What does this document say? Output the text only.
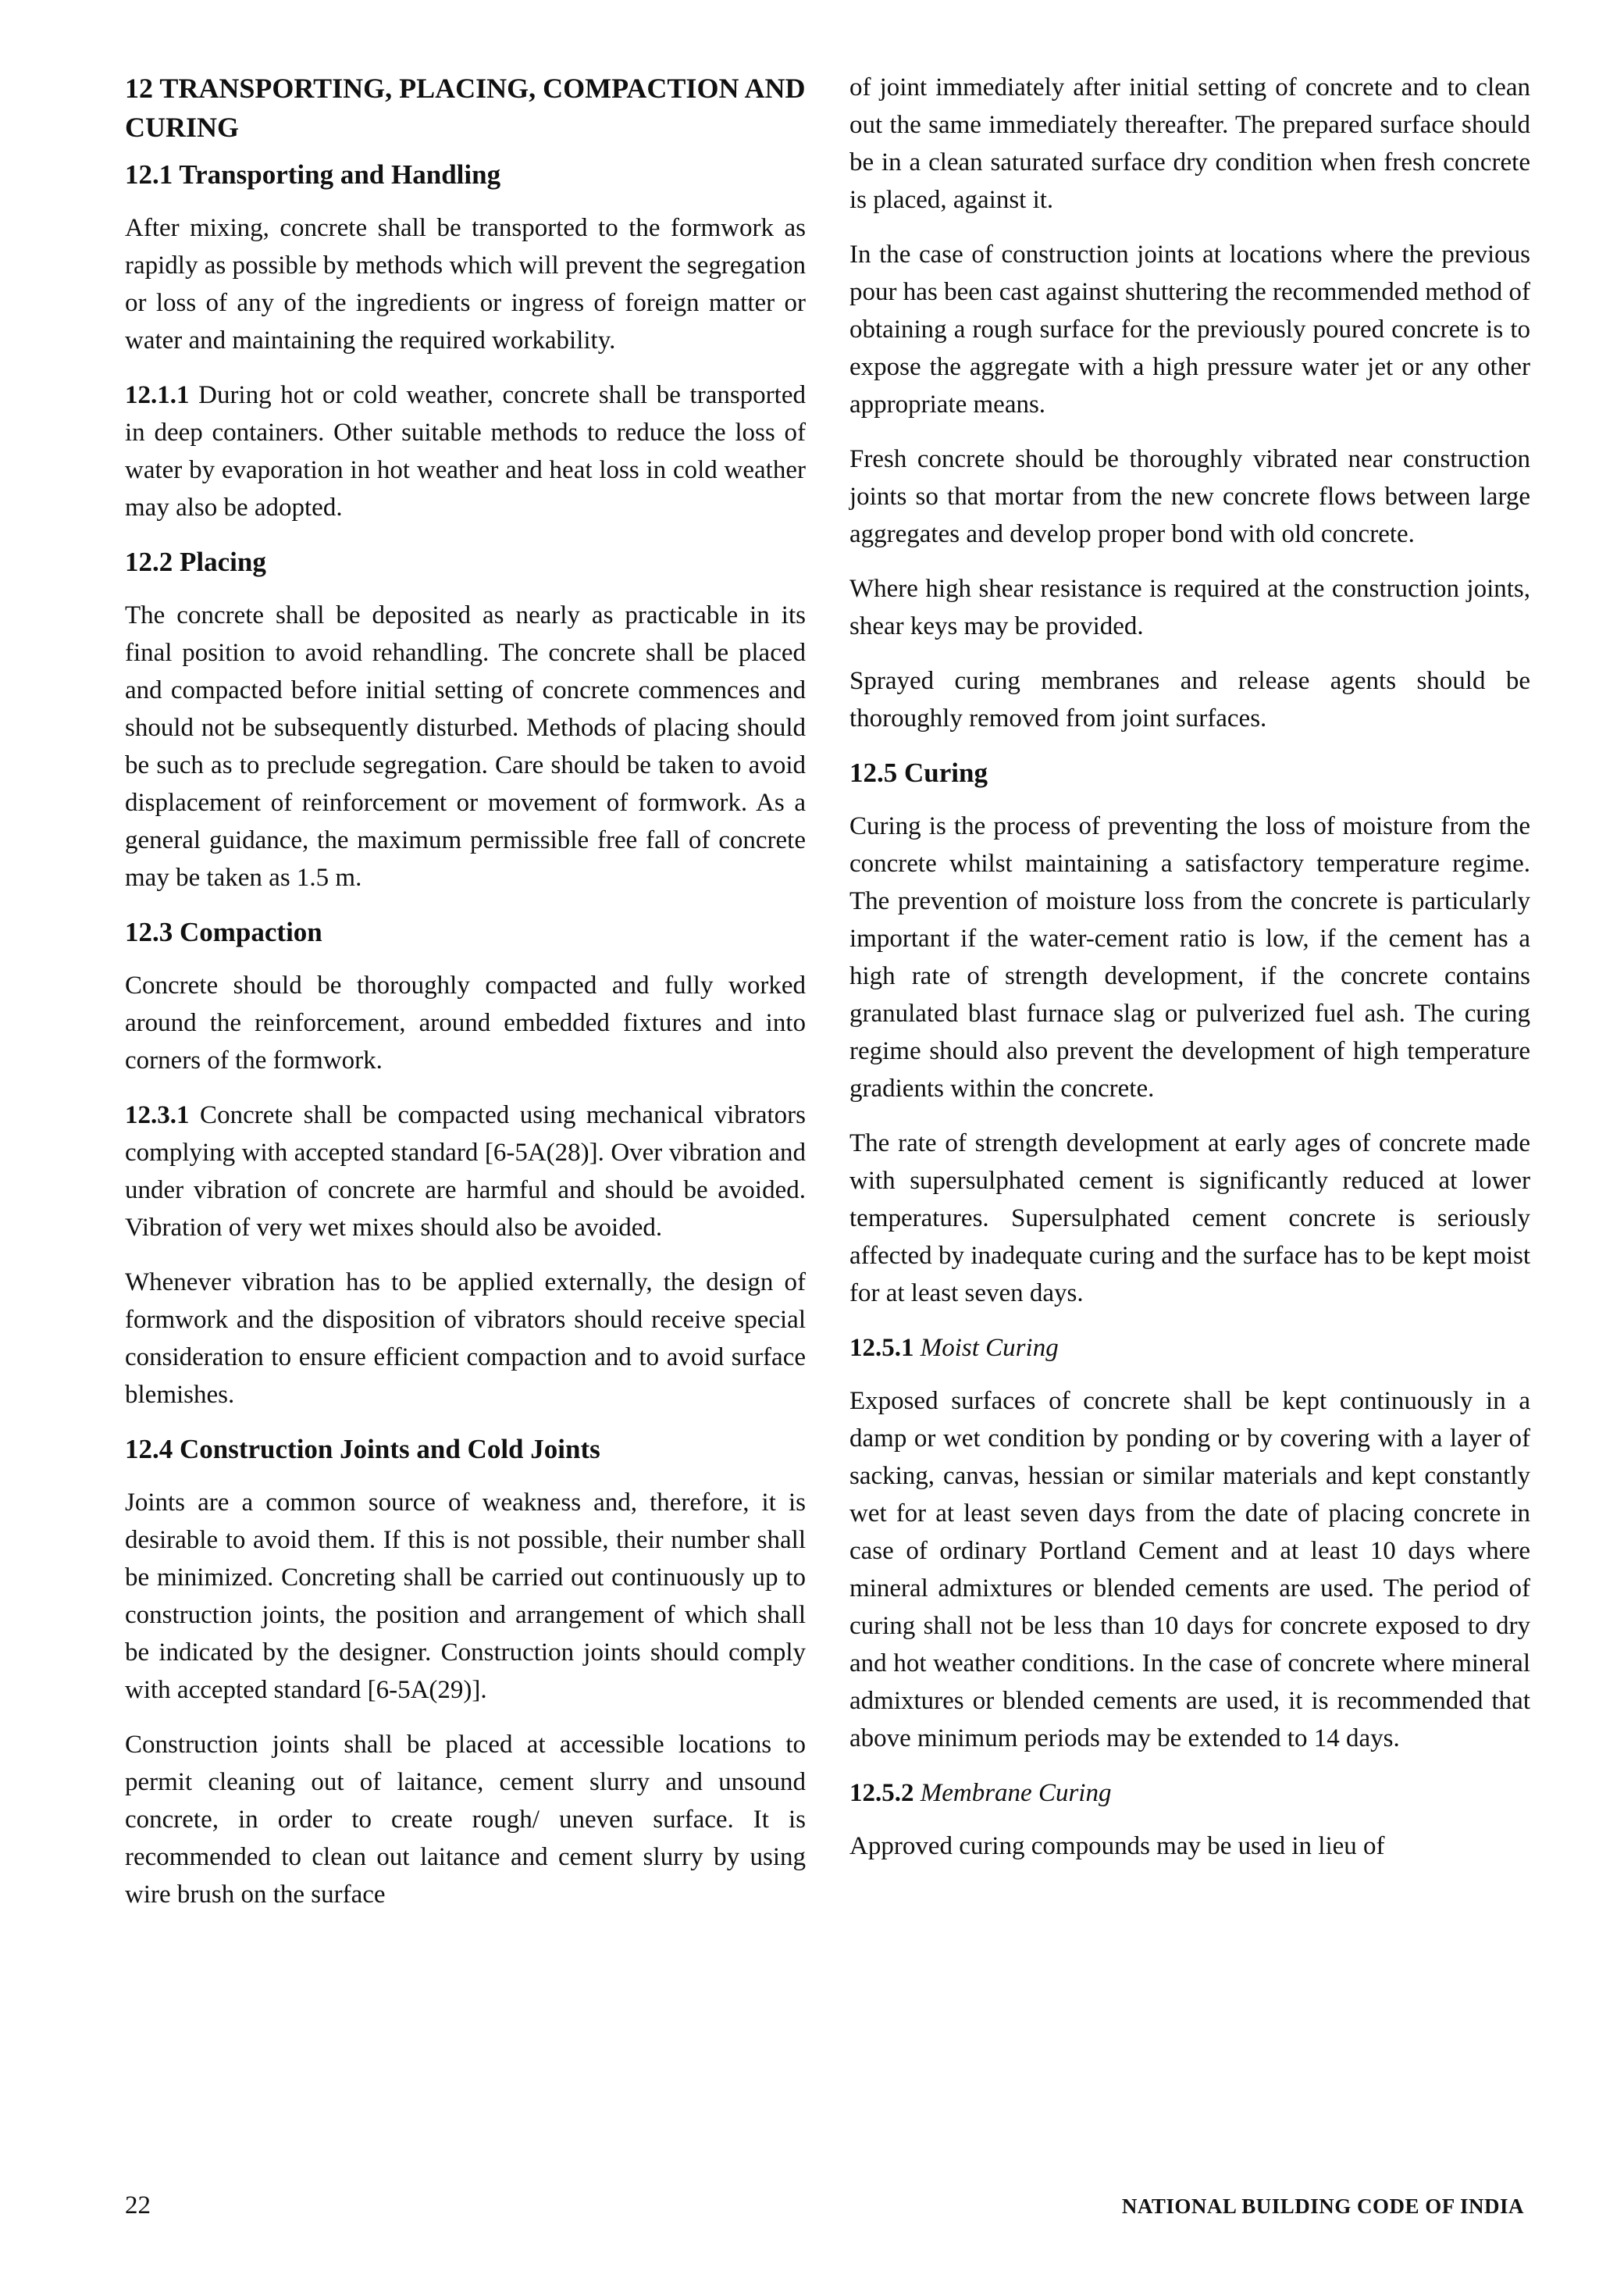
12 TRANSPORTING, PLACING, COMPACTION AND CURING
12.1 Transporting and Handling

After mixing, concrete shall be transported to the formwork as rapidly as possible by methods which will prevent the segregation or loss of any of the ingredients or ingress of foreign matter or water and maintaining the required workability.

12.1.1 During hot or cold weather, concrete shall be transported in deep containers. Other suitable methods to reduce the loss of water by evaporation in hot weather and heat loss in cold weather may also be adopted.

12.2 Placing

The concrete shall be deposited as nearly as practicable in its final position to avoid rehandling. The concrete shall be placed and compacted before initial setting of concrete commences and should not be subsequently disturbed. Methods of placing should be such as to preclude segregation. Care should be taken to avoid displacement of reinforcement or movement of formwork. As a general guidance, the maximum permissible free fall of concrete may be taken as 1.5 m.

12.3 Compaction

Concrete should be thoroughly compacted and fully worked around the reinforcement, around embedded fixtures and into corners of the formwork.

12.3.1 Concrete shall be compacted using mechanical vibrators complying with accepted standard [6-5A(28)]. Over vibration and under vibration of concrete are harmful and should be avoided. Vibration of very wet mixes should also be avoided.

Whenever vibration has to be applied externally, the design of formwork and the disposition of vibrators should receive special consideration to ensure efficient compaction and to avoid surface blemishes.

12.4 Construction Joints and Cold Joints

Joints are a common source of weakness and, therefore, it is desirable to avoid them. If this is not possible, their number shall be minimized. Concreting shall be carried out continuously up to construction joints, the position and arrangement of which shall be indicated by the designer. Construction joints should comply with accepted standard [6-5A(29)].

Construction joints shall be placed at accessible locations to permit cleaning out of laitance, cement slurry and unsound concrete, in order to create rough/ uneven surface. It is recommended to clean out laitance and cement slurry by using wire brush on the surface

of joint immediately after initial setting of concrete and to clean out the same immediately thereafter. The prepared surface should be in a clean saturated surface dry condition when fresh concrete is placed, against it.

In the case of construction joints at locations where the previous pour has been cast against shuttering the recommended method of obtaining a rough surface for the previously poured concrete is to expose the aggregate with a high pressure water jet or any other appropriate means.

Fresh concrete should be thoroughly vibrated near construction joints so that mortar from the new concrete flows between large aggregates and develop proper bond with old concrete.

Where high shear resistance is required at the construction joints, shear keys may be provided.

Sprayed curing membranes and release agents should be thoroughly removed from joint surfaces.

12.5 Curing

Curing is the process of preventing the loss of moisture from the concrete whilst maintaining a satisfactory temperature regime. The prevention of moisture loss from the concrete is particularly important if the water-cement ratio is low, if the cement has a high rate of strength development, if the concrete contains granulated blast furnace slag or pulverized fuel ash. The curing regime should also prevent the development of high temperature gradients within the concrete.

The rate of strength development at early ages of concrete made with supersulphated cement is significantly reduced at lower temperatures. Supersulphated cement concrete is seriously affected by inadequate curing and the surface has to be kept moist for at least seven days.

12.5.1 Moist Curing

Exposed surfaces of concrete shall be kept continuously in a damp or wet condition by ponding or by covering with a layer of sacking, canvas, hessian or similar materials and kept constantly wet for at least seven days from the date of placing concrete in case of ordinary Portland Cement and at least 10 days where mineral admixtures or blended cements are used. The period of curing shall not be less than 10 days for concrete exposed to dry and hot weather conditions. In the case of concrete where mineral admixtures or blended cements are used, it is recommended that above minimum periods may be extended to 14 days.

12.5.2 Membrane Curing

Approved curing compounds may be used in lieu of

22	NATIONAL BUILDING CODE OF INDIA
